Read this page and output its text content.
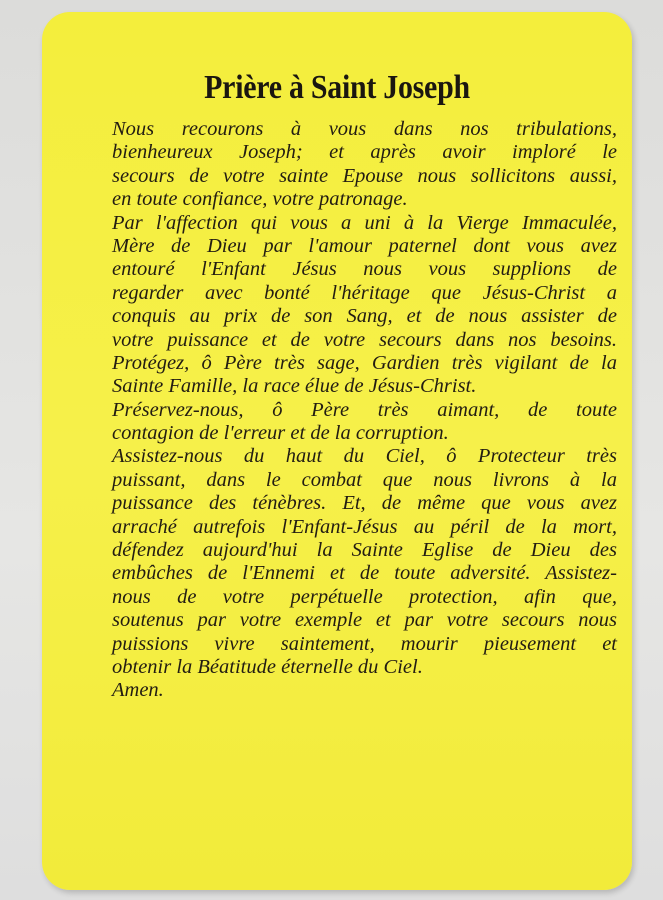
Prière à Saint Joseph
Nous recourons à vous dans nos tribulations,
bienheureux Joseph; et après avoir imploré le
secours de votre sainte Epouse nous sollicitons aussi,
en toute confiance, votre patronage.
Par l'affection qui vous a uni à la Vierge Immaculée,
Mère de Dieu par l'amour paternel dont vous avez
entouré l'Enfant Jésus nous vous supplions de
regarder avec bonté l'héritage que Jésus-Christ a
conquis au prix de son Sang, et de nous assister de
votre puissance et de votre secours dans nos besoins.
Protégez, ô Père très sage, Gardien très vigilant de la
Sainte Famille, la race élue de Jésus-Christ.
Préservez-nous, ô Père très aimant, de toute
contagion de l'erreur et de la corruption.
Assistez-nous du haut du Ciel, ô Protecteur très
puissant, dans le combat que nous livrons à la
puissance des ténèbres. Et, de même que vous avez
arraché autrefois l'Enfant-Jésus au péril de la mort,
défendez aujourd'hui la Sainte Eglise de Dieu des
embûches de l'Ennemi et de toute adversité. Assistez-
nous de votre perpétuelle protection, afin que,
soutenus par votre exemple et par votre secours nous
puissions vivre saintement, mourir pieusement et
obtenir la Béatitude éternelle du Ciel.
Amen.
